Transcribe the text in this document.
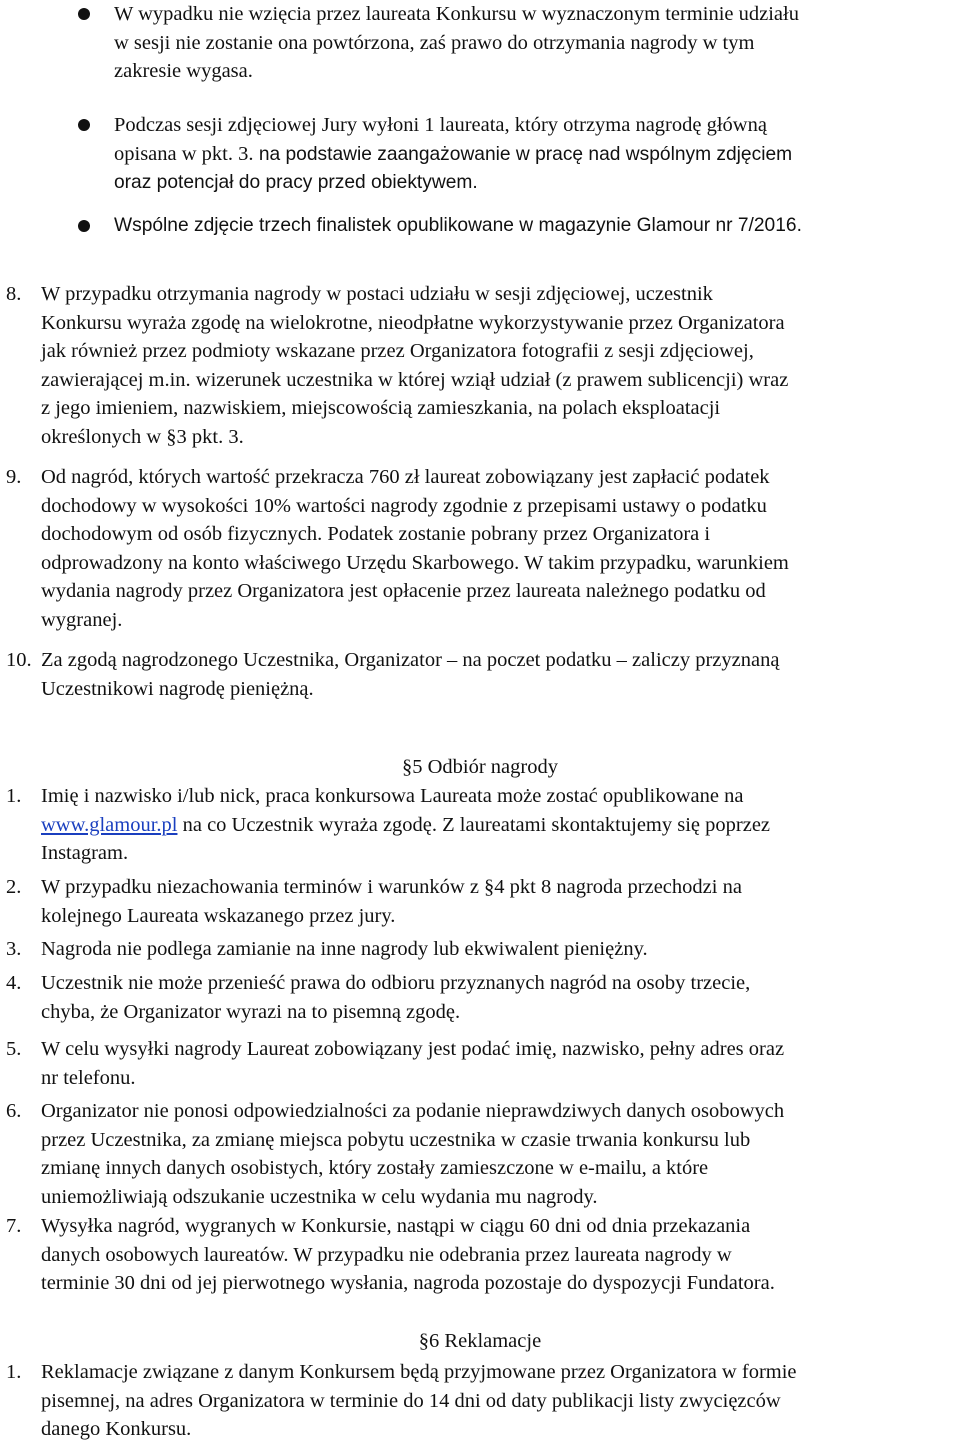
W wypadku nie wzięcia przez laureata Konkursu w wyznaczonym terminie udziału
w sesji nie zostanie ona powtórzona, zaś prawo do otrzymania nagrody w tym
zakresie wygasa.
Podczas sesji zdjęciowej Jury wyłoni 1 laureata, który otrzyma nagrodę główną
opisana w pkt. 3. na podstawie zaangażowanie w pracę nad wspólnym zdjęciem
oraz potencjał do pracy przed obiektywem.
Wspólne zdjęcie trzech finalistek opublikowane w magazynie Glamour nr 7/2016.
8. W przypadku otrzymania nagrody w postaci udziału w sesji zdjęciowej, uczestnik
Konkursu wyraża zgodę na wielokrotne, nieodpłatne wykorzystywanie przez Organizatora
jak również przez podmioty wskazane przez Organizatora fotografii z sesji zdjęciowej,
zawierającej m.in. wizerunek uczestnika w której wziął udział (z prawem sublicencji) wraz
z jego imieniem, nazwiskiem, miejscowością zamieszkania, na polach eksploatacji
określonych w §3 pkt. 3.
9. Od nagród, których wartość przekracza 760 zł laureat zobowiązany jest zapłacić podatek
dochodowy w wysokości 10% wartości nagrody zgodnie z przepisami ustawy o podatku
dochodowym od osób fizycznych. Podatek zostanie pobrany przez Organizatora i
odprowadzony na konto właściwego Urzędu Skarbowego. W takim przypadku, warunkiem
wydania nagrody przez Organizatora jest opłacenie przez laureata należnego podatku od
wygranej.
10. Za zgodą nagrodzonego Uczestnika, Organizator – na poczet podatku – zaliczy przyznaną
Uczestnikowi nagrodę pieniężną.
§5 Odbiór nagrody
1. Imię i nazwisko i/lub nick, praca konkursowa Laureata może zostać opublikowane na
www.glamour.pl na co Uczestnik wyraża zgodę. Z laureatami skontaktujemy się poprzez
Instagram.
2. W przypadku niezachowania terminów i warunków z §4 pkt 8 nagroda przechodzi na
kolejnego Laureata wskazanego przez jury.
3. Nagroda nie podlega zamianie na inne nagrody lub ekwiwalent pieniężny.
4. Uczestnik nie może przenieść prawa do odbioru przyznanych nagród na osoby trzecie,
chyba, że Organizator wyrazi na to pisemną zgodę.
5. W celu wysyłki nagrody Laureat zobowiązany jest podać imię, nazwisko, pełny adres oraz
nr telefonu.
6. Organizator nie ponosi odpowiedzialności za podanie nieprawdziwych danych osobowych
przez Uczestnika, za zmianę miejsca pobytu uczestnika w czasie trwania konkursu lub
zmianę innych danych osobistych, który zostały zamieszczone w e-mailu, a które
uniemożliwiają odszukanie uczestnika w celu wydania mu nagrody.
7. Wysyłka nagród, wygranych w Konkursie, nastąpi w ciągu 60 dni od dnia przekazania
danych osobowych laureatów. W przypadku nie odebrania przez laureata nagrody w
terminie 30 dni od jej pierwotnego wysłania, nagroda pozostaje do dyspozycji Fundatora.
§6 Reklamacje
1. Reklamacje związane z danym Konkursem będą przyjmowane przez Organizatora w formie
pisemnej, na adres Organizatora w terminie do 14 dni od daty publikacji listy zwycięzców
danego Konkursu.
